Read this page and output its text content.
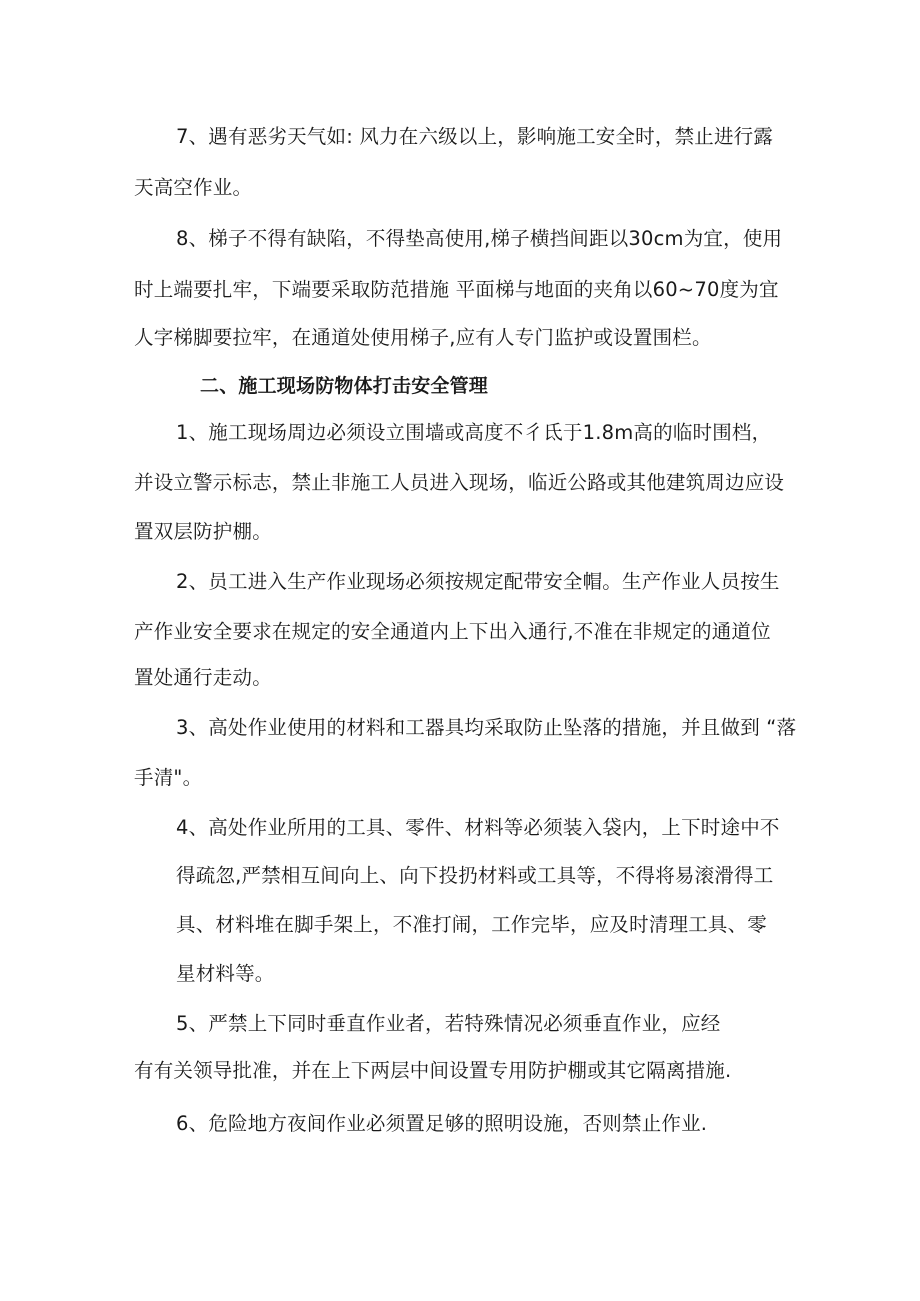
7、遇有恶劣天气如: 风力在六级以上，影响施工安全时，禁止进行露
天高空作业。
8、梯子不得有缺陷，不得垫高使用,梯子横挡间距以30cm为宜，使用
时上端要扎牢，下端要采取防范措施 平面梯与地面的夹角以60~70度为宜
人字梯脚要拉牢，在通道处使用梯子,应有人专门监护或设置围栏。
二、施工现场防物体打击安全管理
1、施工现场周边必须设立围墙或高度不彳氐于1.8m高的临时围档，
并设立警示标志，禁止非施工人员进入现场，临近公路或其他建筑周边应设
置双层防护棚。
2、员工进入生产作业现场必须按规定配带安全帽。生产作业人员按生
产作业安全要求在规定的安全通道内上下出入通行,不准在非规定的通道位
置处通行走动。
3、高处作业使用的材料和工器具均采取防止坠落的措施，并且做到 “落
手清"。
4、高处作业所用的工具、零件、材料等必须装入袋内，上下时途中不
得疏忽,严禁相互间向上、向下投扔材料或工具等，不得将易滚滑得工
具、材料堆在脚手架上，不准打闹，工作完毕，应及时清理工具、零
星材料等。
5、严禁上下同时垂直作业者，若特殊情况必须垂直作业，应经
有有关领导批准，并在上下两层中间设置专用防护棚或其它隔离措施.
6、危险地方夜间作业必须置足够的照明设施，否则禁止作业.
